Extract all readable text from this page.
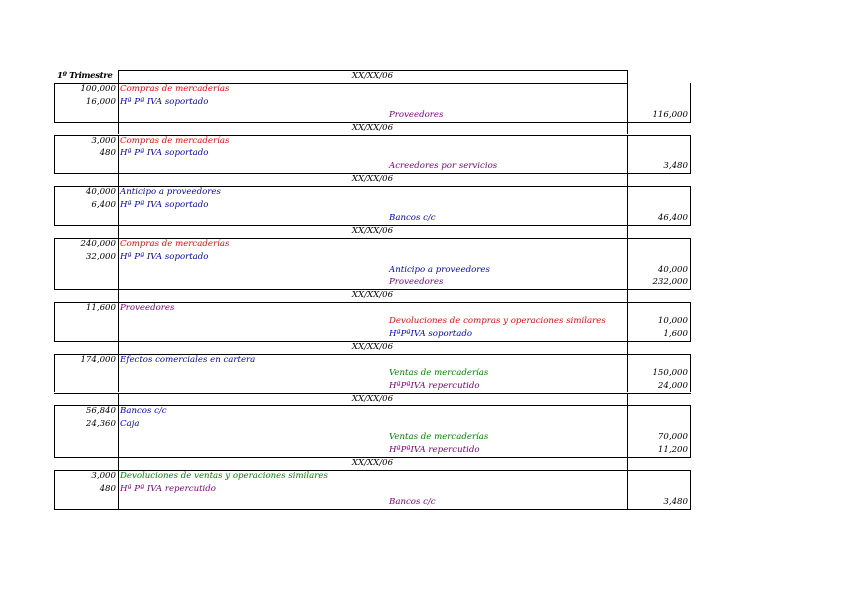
1º Trimestre	XX/XX/06
100,000 Compras de mercaderías
16,000 Hª Pª IVA soportado
Proveedores	116,000
XX/XX/06
3,000 Compras de mercaderías
480 Hª Pª IVA soportado
Acreedores por servicios	3,480
XX/XX/06
40,000 Anticipo a proveedores
6,400 Hª Pª IVA soportado
Bancos c/c	46,400
XX/XX/06
240,000 Compras de mercaderías
32,000 Hª Pª IVA soportado
Anticipo a proveedores	40,000
Proveedores	232,000
XX/XX/06
11,600 Proveedores
Devoluciones de compras y operaciones similares	10,000
HªPªIVA soportado	1,600
XX/XX/06
174,000 Efectos comerciales en cartera
Ventas de mercaderías	150,000
HªPªIVA repercutido	24,000
XX/XX/06
56,840 Bancos c/c
24,360 Caja
Ventas de mercaderías	70,000
HªPªIVA repercutido	11,200
XX/XX/06
3,000 Devoluciones de ventas y operaciones similares
480 Hª Pª IVA repercutido
Bancos c/c	3,480
